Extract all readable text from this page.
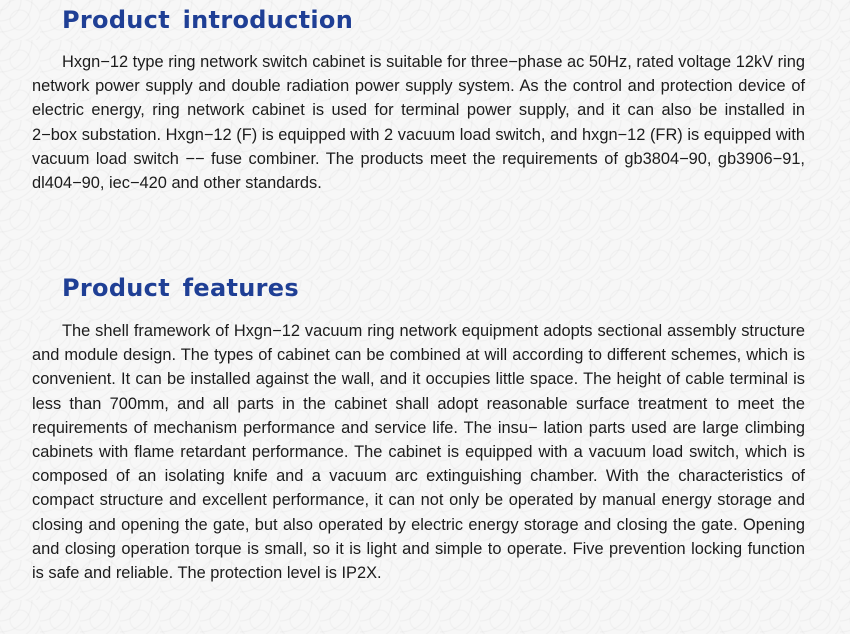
Product introduction

Hxgn−12 type ring network switch cabinet is suitable for three−phase ac 50Hz, rated voltage 12kV ring network power supply and double radiation power supply system. As the control and protection device of electric energy, ring network cabinet is used for terminal power supply, and it can also be installed in 2−box substation. Hxgn−12 (F) is equipped with 2 vacuum load switch, and hxgn−12 (FR) is equipped with vacuum load switch −− fuse combiner. The products meet the requirements of gb3804−90, gb3906−91, dl404−90, iec−420 and other standards.

Product features

The shell framework of Hxgn−12 vacuum ring network equipment adopts sectional assembly structure and module design. The types of cabinet can be combined at will according to different schemes, which is convenient. It can be installed against the wall, and it occupies little space. The height of cable terminal is less than 700mm, and all parts in the cabinet shall adopt reasonable surface treatment to meet the requirements of mechanism performance and service life. The insu− lation parts used are large climbing cabinets with flame retardant performance. The cabinet is equipped with a vacuum load switch, which is composed of an isolating knife and a vacuum arc extinguishing chamber. With the characteristics of compact structure and excellent performance, it can not only be operated by manual energy storage and closing and opening the gate, but also operated by electric energy storage and closing the gate. Opening and closing operation torque is small, so it is light and simple to operate. Five prevention locking function is safe and reliable. The protection level is IP2X.
